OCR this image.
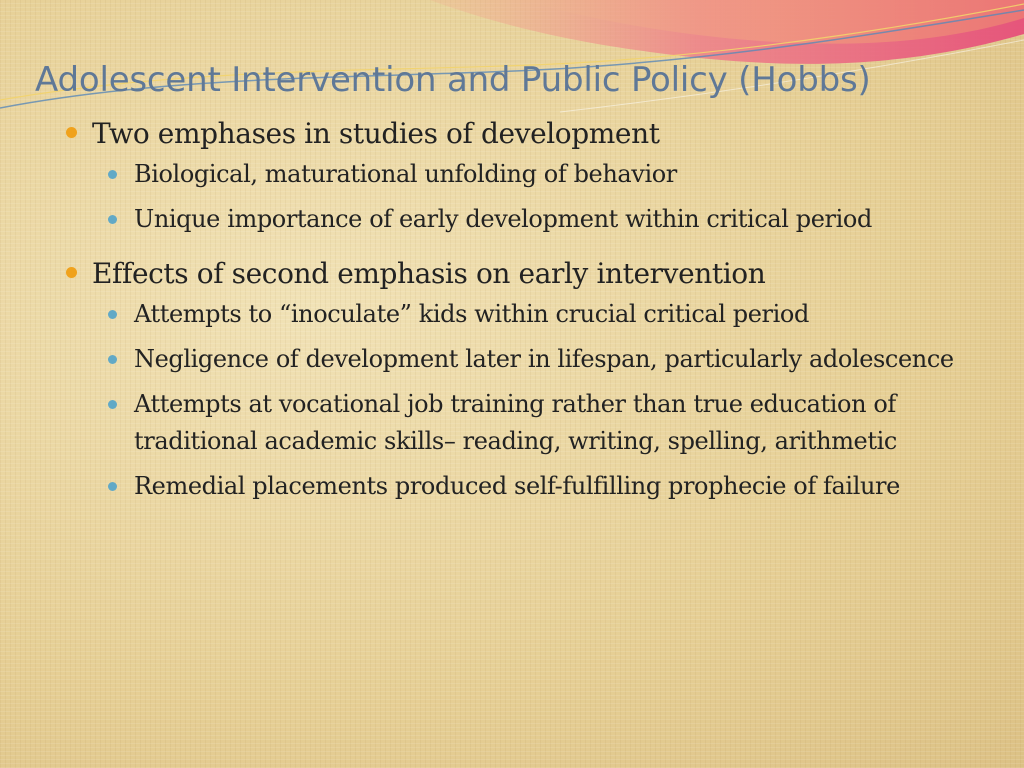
Adolescent Intervention and Public Policy (Hobbs)
Two emphases in studies of development
Biological, maturational unfolding of behavior
Unique importance of early development within critical period
Effects of second emphasis on early intervention
Attempts to “inoculate” kids within crucial critical period
Negligence of development later in lifespan, particularly adolescence
Attempts at vocational job training rather than true education of traditional academic skills– reading, writing, spelling, arithmetic
Remedial placements produced self-fulfilling prophecie of failure
